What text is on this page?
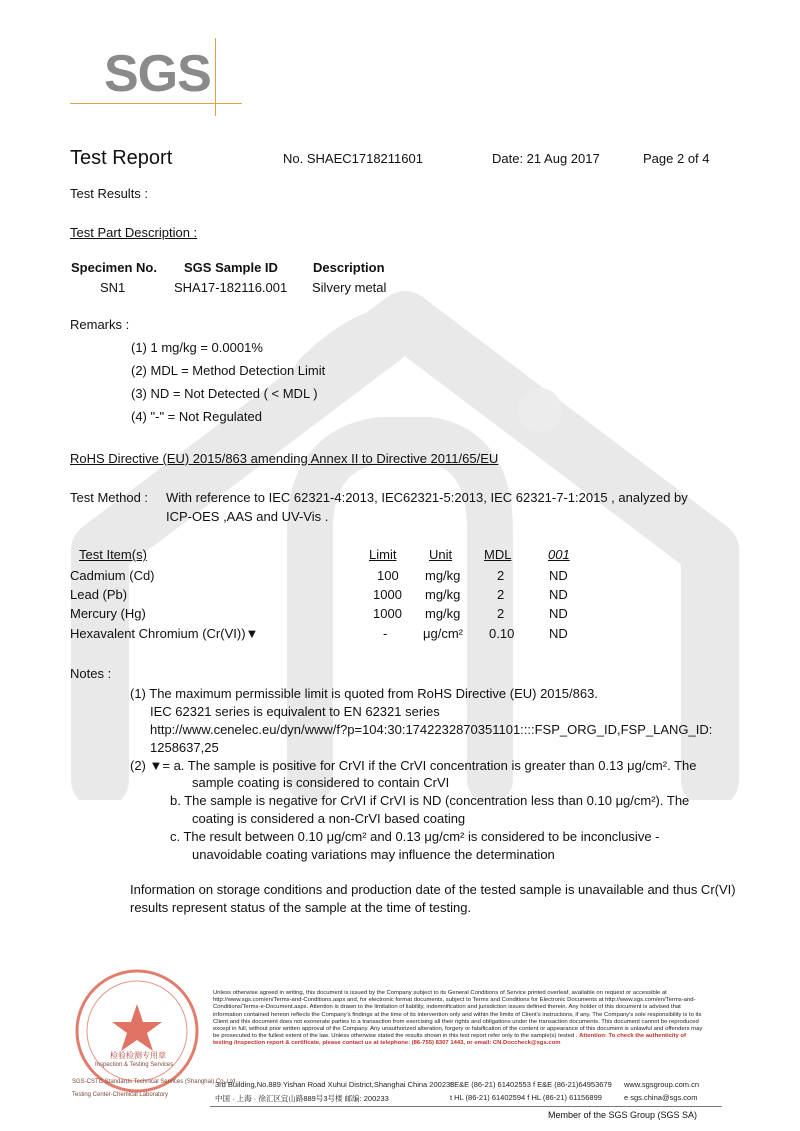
SGS
Test Report	No. SHAEC1718211601	Date: 21 Aug 2017	Page 2 of 4
Test Results :
Test Part Description :
Specimen No. SGS Sample ID	Description
SN1	SHA17-182116.001 Silvery metal
Remarks :
(1) 1 mg/kg = 0.0001%
(2) MDL = Method Detection Limit
(3) ND = Not Detected ( < MDL )
(4) "-" = Not Regulated
RoHS Directive (EU) 2015/863 amending Annex II to Directive 2011/65/EU
Test Method : With reference to IEC 62321-4:2013, IEC62321-5:2013, IEC 62321-7-1:2015 , analyzed by
ICP-OES ,AAS and UV-Vis .
Test Item(s)	Limit	Unit MDL	001
Cadmium (Cd)	100 mg/kg	2	ND
Lead (Pb)	1000 mg/kg	2	ND
Mercury (Hg)	1000 mg/kg	2	ND
Hexavalent Chromium (Cr(VI))▼	-	μg/cm² 0.10	ND
Notes :
(1) The maximum permissible limit is quoted from RoHS Directive (EU) 2015/863.
IEC 62321 series is equivalent to EN 62321 series
http://www.cenelec.eu/dyn/www/f?p=104:30:1742232870351101::::FSP_ORG_ID,FSP_LANG_ID:
1258637,25
(2) ▼= a. The sample is positive for CrVI if the CrVI concentration is greater than 0.13 μg/cm². The
sample coating is considered to contain CrVI
b. The sample is negative for CrVI if CrVI is ND (concentration less than 0.10 μg/cm²). The
coating is considered a non-CrVI based coating
c. The result between 0.10 μg/cm² and 0.13 μg/cm² is considered to be inconclusive -
unavoidable coating variations may influence the determination
Information on storage conditions and production date of the tested sample is unavailable and thus Cr(VI)
results represent status of the sample at the time of testing.
检验检测专用章
Inspection & Testing Services
SGS-CSTC Standards Technical Services (Shanghai) Co.,Ltd.
Testing Center-Chemical Laboratory
Unless otherwise agreed in writing, this document is issued by the Company subject to its General Conditions of Service printed overleaf, available on request or accessible at http://www.sgs.com/en/Terms-and-Conditions.aspx and, for electronic format documents, subject to Terms and Conditions for Electronic Documents at http://www.sgs.com/en/Terms-and-Conditions/Terms-e-Document.aspx. Attention is drawn to the limitation of liability, indemnification and jurisdiction issues defined therein. Any holder of this document is advised that information contained hereon reflects the Company's findings at the time of its intervention only and within the limits of Client's instructions, if any. The Company's sole responsibility is to its Client and this document does not exonerate parties to a transaction from exercising all their rights and obligations under the transaction documents. This document cannot be reproduced except in full, without prior written approval of the Company. Any unauthorized alteration, forgery or falsification of the content or appearance of this document is unlawful and offenders may be prosecuted to the fullest extent of the law. Unless otherwise stated the results shown in this test report refer only to the sample(s) tested . Attention: To check the authenticity of testing /inspection report & certificate, please contact us at telephone: (86-755) 8307 1443, or email: CN.Doccheck@sgs.com
3rd Building,No.889 Yishan Road Xuhui District,Shanghai China 200233
t E&E (86-21) 61402553 f E&E (86-21)64953679 www.sgsgroup.com.cn
中国 · 上海 · 徐汇区宜山路889号3号楼 邮编: 200233	t HL (86-21) 61402594 f HL (86-21) 61156899	e sgs.china@sgs.com
Member of the SGS Group (SGS SA)
